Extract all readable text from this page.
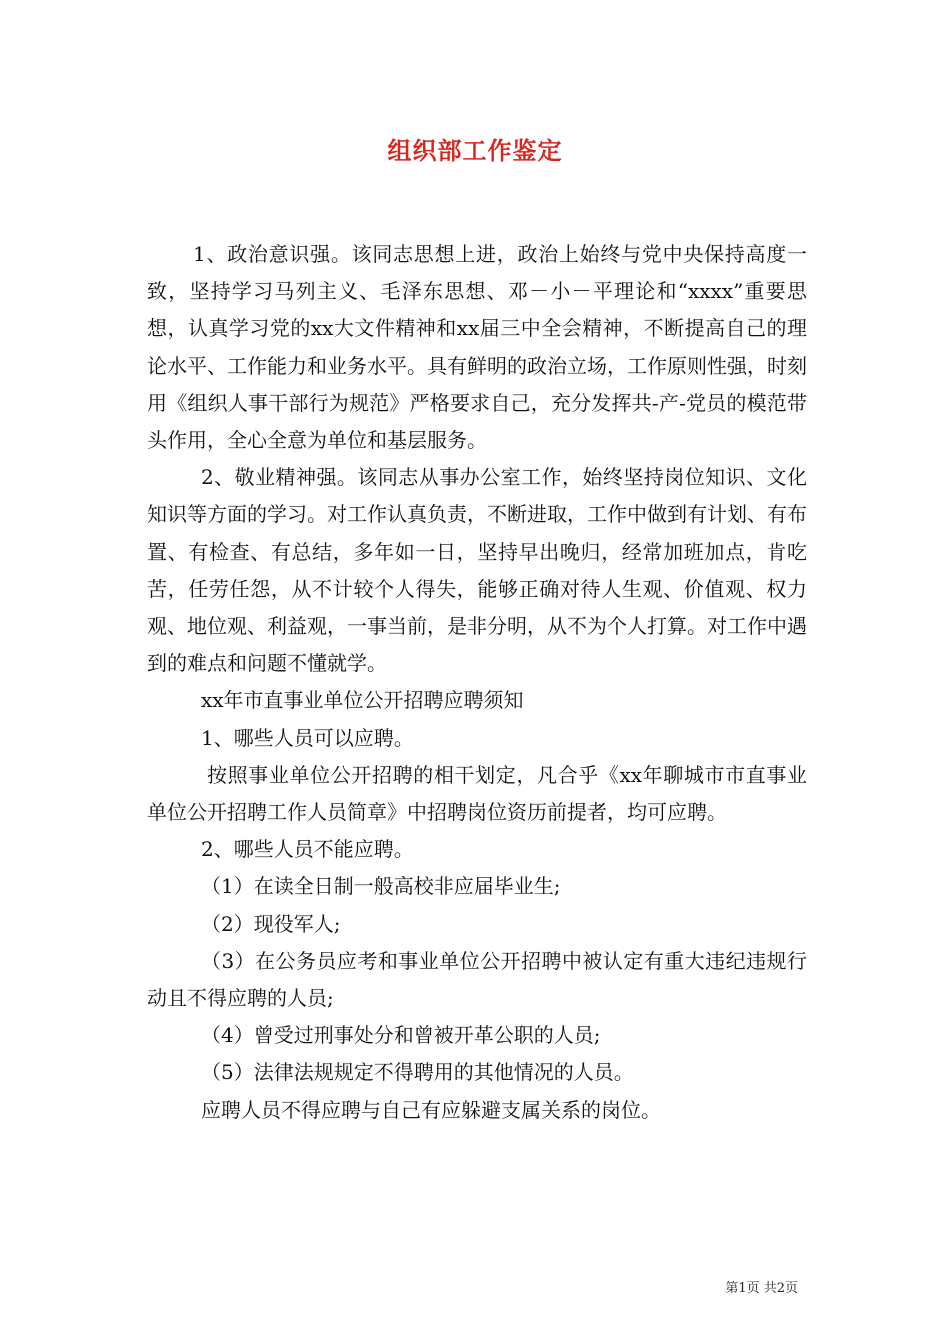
组织部工作鉴定

1、政治意识强。该同志思想上进，政治上始终与党中央保持高度一致，坚持学习马列主义、毛泽东思想、邓－小－平理论和“xxxx”重要思想，认真学习党的xx大文件精神和xx届三中全会精神，不断提高自己的理论水平、工作能力和业务水平。具有鲜明的政治立场，工作原则性强，时刻用《组织人事干部行为规范》严格要求自己，充分发挥共-产-党员的模范带头作用，全心全意为单位和基层服务。

2、敬业精神强。该同志从事办公室工作，始终坚持岗位知识、文化知识等方面的学习。对工作认真负责，不断进取，工作中做到有计划、有布置、有检查、有总结，多年如一日，坚持早出晚归，经常加班加点，肯吃苦，任劳任怨，从不计较个人得失，能够正确对待人生观、价值观、权力观、地位观、利益观，一事当前，是非分明，从不为个人打算。对工作中遇到的难点和问题不懂就学。

xx年市直事业单位公开招聘应聘须知

1、哪些人员可以应聘。

按照事业单位公开招聘的相干划定，凡合乎《xx年聊城市市直事业单位公开招聘工作人员简章》中招聘岗位资历前提者，均可应聘。

2、哪些人员不能应聘。

（1）在读全日制一般高校非应届毕业生;

（2）现役军人;

（3）在公务员应考和事业单位公开招聘中被认定有重大违纪违规行动且不得应聘的人员;

（4）曾受过刑事处分和曾被开革公职的人员;

（5）法律法规规定不得聘用的其他情况的人员。

应聘人员不得应聘与自己有应躲避支属关系的岗位。

第1页 共2页
